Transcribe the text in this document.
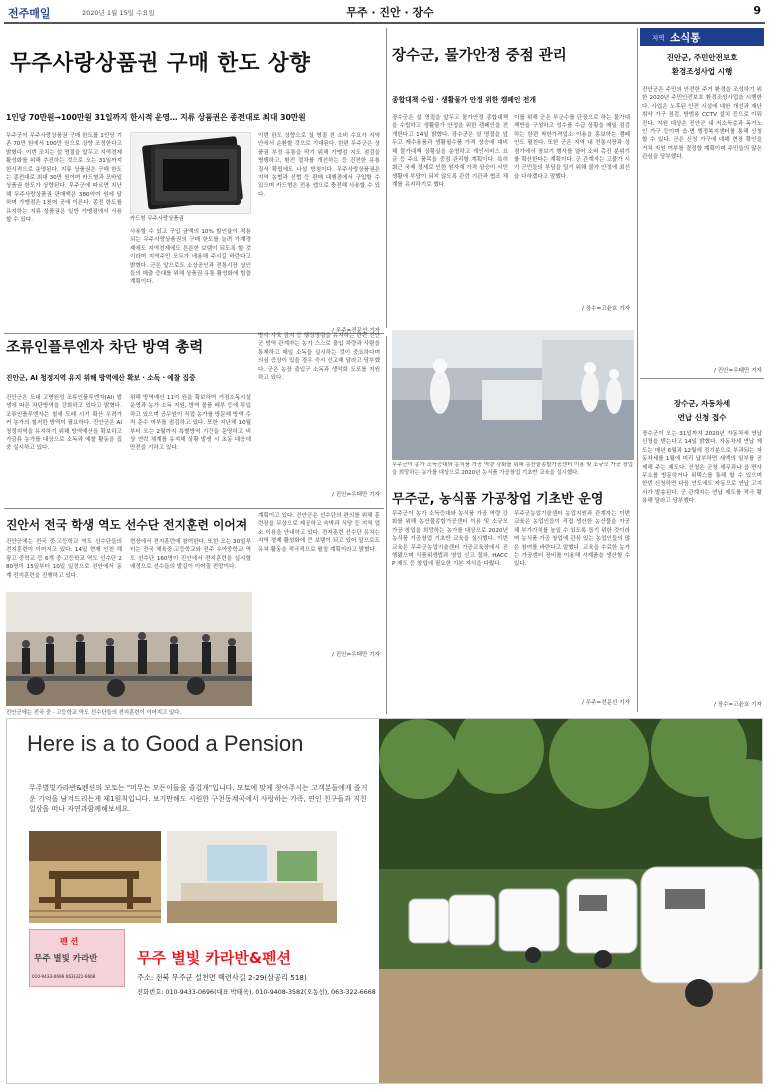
전주매일	2020년 1월 15일 수요일	무주 · 진안 · 장수	9
무주사랑상품권 구매 한도 상향
1인당 70만원→100만원 31일까지 한시적 운영… 지류 상품권은 종전대로 최대 30만원
무주군이 무주사랑상품권 구매 한도를 1인당 기존 70만 원에서 100만 원으로 상향 조정한다고 밝혔다. 이번 조치는 설 명절을 앞두고 지역경제 활성화를 위해 추진하는 것으로 오는 31일까지 한시적으로 운영된다. 지류 상품권은 구매 한도는 종전대로 최대 30만 원이며 카드형과 모바일 상품권 한도가 상향된다. 무주군에 따르면 지난해 무주사랑상품권 판매액은 380억여 원에 달하며 가맹점은 1천여 곳에 이른다. 종전 한도를 유지하는 지류 상품권은 일반 가맹점에서 사용할 수 있다.	카드형 무주사랑상품권
사용할 수 있고 구입 금액의 10% 할인율이 적용되는 무주사랑상품권의 구매 한도를 늘려 가계경제에도 지역경제에도 튼튼한 보탬이 되도록 할 것이라며 지역주민 모두가 애용해 주시길 바란다고 밝혔다. 군은 앞으로도 소상공인과 전통시장 상인들의 매출 증대를 위해 상품권 유통 활성화에 힘쓸 계획이다.
이번 한도 상향으로 설 명절 전 소비 수요가 지역 안에서 순환할 것으로 기대된다. 한편 무주군은 상품권 부정 유통을 막기 위해 가맹점 지도 점검을 병행하고, 환전 절차를 개선하는 등 건전한 유통 질서 확립에도 나설 방침이다. 무주사랑상품권은 지역 농협과 신협 등 판매 대행점에서 구입할 수 있으며 카드형은 전용 앱으로 충전해 사용할 수 있다.
/ 무주=전문선 기자
장수군, 물가안정 중점 관리
종합대책 수립 · 생활물가 안정 위한 캠페인 전개
장수군은 설 명절을 앞두고 물가안정 종합대책을 수립하고 생활물가 안정을 위한 캠페인을 전개한다고 14일 밝혔다. 장수군은 설 명절을 앞두고 제수용품과 생활필수품 가격 상승에 대비해 물가대책 상황실을 운영하고 개인서비스 요금 등 주요 품목을 중점 관리할 계획이다. 특히 최근 국제 정세로 인한 원자재 가격 상승이 서민 생활에 부담이 되지 않도록 관련 기관과 협조 체계를 유지하기로 했다.
이를 위해 군은 부군수를 단장으로 하는 물가대책반을 구성하고 성수품 수급 상황을 매일 점검하는 한편 착한가격업소 이용을 홍보하는 캠페인도 펼친다. 또한 군은 지역 내 전통시장과 상점가에서 장보기 행사를 열어 소비 촉진 분위기를 확산한다는 계획이다. 군 관계자는 고물가 시기 군민들의 부담을 덜기 위해 물가 안정에 최선을 다하겠다고 말했다.
/ 장수=고윤호 기자
조류인플루엔자 차단 방역 총력
진안군, AI 청정지역 유지 위해 방역예산 확보 · 소독 · 예찰 집중
진안군은 도내 고병원성 조류인플루엔자(AI) 발생에 따른 차단방역을 강화하고 있다고 밝혔다. 조류인플루엔자는 철새 도래 시기 확산 우려가 커 농가의 철저한 방역이 필요하다. 진안군은 AI 청정지역을 유지하기 위해 방역예산을 확보하고 가금류 농가를 대상으로 소독과 예찰 활동을 집중 실시하고 있다.
위해 방역예산 11억 원을 확보하여 거점소독시설 운영과 농가 소독 지원, 방역 물품 배부 등에 투입하고 있으며 공무원이 직접 농가를 방문해 방역 수칙 준수 여부를 점검하고 있다. 또한 지난해 10월부터 오는 2월까지 특별방역 기간을 운영하고 비상 연락 체계를 유지해 상황 발생 시 초동 대응에 만전을 기하고 있다.
방사 사육 금지 등 행정명령을 유지하는 한편 진안군 방역 관계자는 농가 스스로 출입 차량과 사람을 통제하고 매일 소독을 실시하는 것이 중요하다며 의심 증상이 있을 경우 즉시 신고해 달라고 당부했다. 군은 농장 출입구 소독과 생석회 도포를 지원하고 있다.
/ 진안=우태만 기자
진안서 전국 학생 역도 선수단 전지훈련 이어져
진안군에는 전국 중·고등학교 역도 선수단들의 전지훈련이 이어지고 있다. 14일 현재 인천 해광고 중학교 등 6개 중·고등학교 역도 선수단 280명이 15일부터 10일 일정으로 진안에서 동계 전지훈련을 진행하고 있다.
현장에서 전지훈련에 참여한다. 또한 오는 30일부터는 전국 체육중·고등학교와 전주 우아중학교 역도 선수단 160명이 진안에서 전지훈련을 실시할 예정으로 선수들의 발길이 이어질 전망이다.
계획이고 있다. 진안군은 선수단의 편의를 위해 훈련장을 무상으로 제공하고 숙박과 식당 등 지역 업소 이용을 안내하고 있다. 전지훈련 선수단 유치는 지역 경제 활성화에 큰 보탬이 되고 있어 앞으로도 유치 활동을 적극적으로 펼칠 계획이라고 밝혔다.
/ 진안=우태만 기자
진안군에는 전국 중 · 고등학교 역도 선수단들의 전지훈련이 이어지고 있다.
무주군이 농가 소득증대와 농식품 가공 역량 강화를 위해 농산물종합가공센터 이용 및 소규모 가공 창업을 희망하는 농가를 대상으로 2020년 농식품 가공창업 기초반 교육을 실시했다.
무주군, 농식품 가공창업 기초반 운영
무주군이 농가 소득증대와 농식품 가공 역량 강화를 위해 농산물종합가공센터 이용 및 소규모 가공 창업을 희망하는 농가를 대상으로 2020년 농식품 가공창업 기초반 교육을 실시했다. 이번 교육은 무주군농업기술센터 가공교육장에서 진행됐으며 식품위생법과 영업 신고 절차, HACCP 제도 등 창업에 필요한 기본 지식을 다뤘다.
무주군농업기술센터 농업지원과 관계자는 이번 교육은 농업인들이 직접 생산한 농산물을 가공해 부가가치를 높일 수 있도록 돕기 위한 것이라며 농식품 가공 창업에 관심 있는 농업인들의 많은 참여를 바란다고 말했다. 교육을 수료한 농가는 가공센터 장비를 이용해 시제품을 생산할 수 있다.
/ 무주=전문선 기자
지역 소식통
진안군, 주민안전보호
환경조성사업 시행
진안군은 주민의 안전한 주거 환경을 조성하기 위한 2020년 주민안전보호 환경조성사업을 시행한다. 사업은 노후된 안전 시설에 대한 개선과 재난 취약 가구 점검, 방범용 CCTV 설치 등으로 이뤄진다. 지원 대상은 진안군 내 저소득층과 독거노인 가구 등이며 읍·면 행정복지센터를 통해 신청할 수 있다. 군은 신청 가구에 대해 현장 확인을 거쳐 지원 여부를 결정할 계획이며 주민들의 많은 관심을 당부했다.
/ 진안=우태만 기자
장수군, 자동차세
연납 신청 접수
장수군이 오는 31일까지 2020년 자동차세 연납 신청을 받는다고 14일 밝혔다. 자동차세 연납 제도는 매년 6월과 12월에 정기분으로 부과되는 자동차세를 1월에 미리 납부하면 세액의 일부를 공제해 주는 제도다. 신청은 군청 세무과나 읍·면사무소를 방문하거나 위택스를 통해 할 수 있으며 한번 신청하면 다음 연도에도 자동으로 연납 고지서가 발송된다. 군 관계자는 연납 제도를 적극 활용해 달라고 당부했다.
/ 장수=고윤호 기자
Here is a to Good a Pension
무주별빛카라반&펜션의 모토는 "머무는 모든이들을 즐겁게"입니다. 모토에 맞게 찾아주시는 고객분들에게 즐거운 기억을 남겨드리는게 제1원칙입니다. 보기만해도 시원한 구천동계곡에서 사랑하는 가족, 연인 친구들과 지친 일상을 떠나 자연과함께해보세요.
펜 션
무주 별빛 카라반
010-9433-0696 063)322-6668
무주 별빛 카라반&펜션
주소: 전북 무주군 설천면 백련사길 2-29(삼공리 518)
전화번호: 010-9433-0696(대표 박태욱), 010-9408-3582(오동선), 063-322-6668
